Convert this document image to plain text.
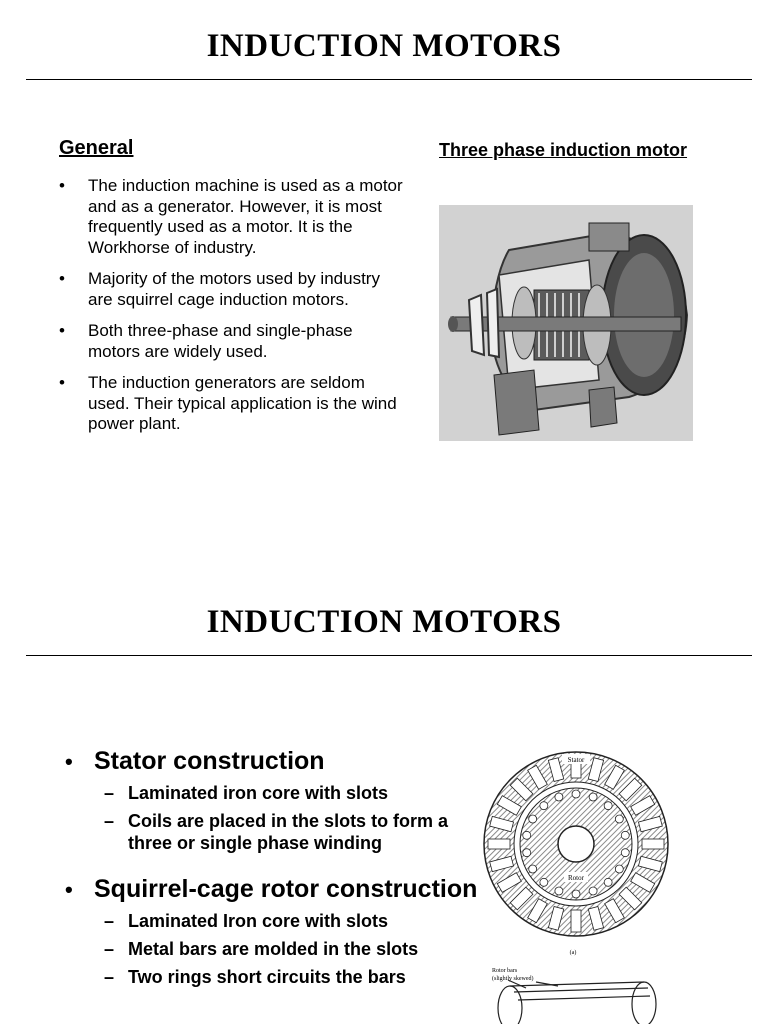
INDUCTION MOTORS
General
• The induction machine is used as a motor and as a generator. However, it is most frequently used as a motor. It is the Workhorse of industry.
• Majority of the motors used by industry are squirrel cage induction motors.
• Both three-phase and single-phase motors are widely used.
• The induction generators are seldom used. Their typical application is the wind power plant.
Three phase induction motor
INDUCTION MOTORS
• Stator construction
– Laminated iron core with slots
– Coils are placed in the slots to form a three or single phase winding
• Squirrel-cage rotor construction
– Laminated Iron core with slots
– Metal bars are molded in the slots
– Two rings short circuits the bars
Stator
Rotor
(a)
Rotor bars
(slightly skewed)
